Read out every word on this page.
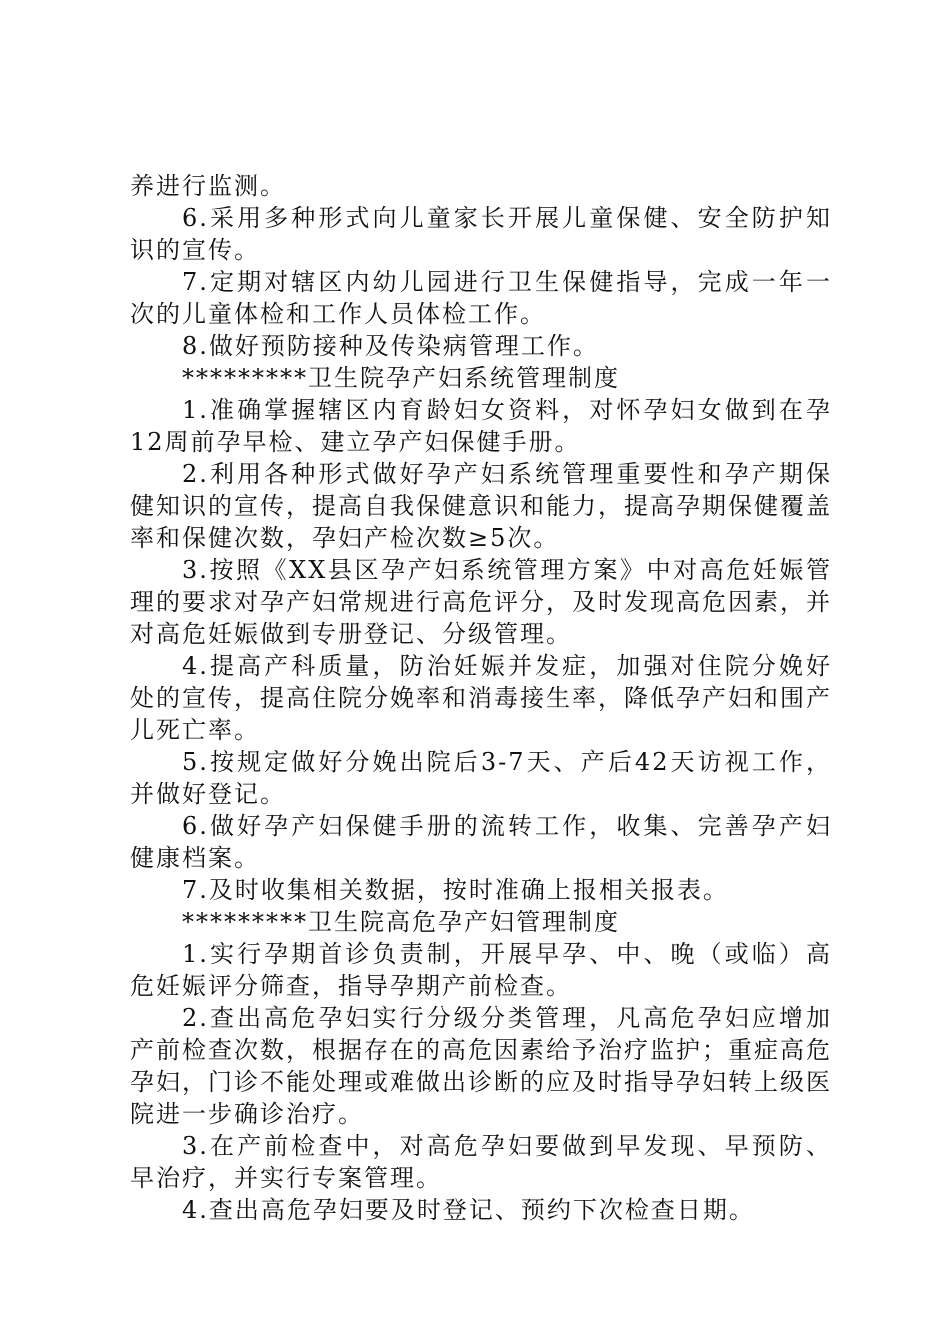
养进行监测。

6.采用多种形式向儿童家长开展儿童保健、安全防护知识的宣传。

7.定期对辖区内幼儿园进行卫生保健指导，完成一年一次的儿童体检和工作人员体检工作。

8.做好预防接种及传染病管理工作。

*********卫生院孕产妇系统管理制度

1.准确掌握辖区内育龄妇女资料，对怀孕妇女做到在孕12周前孕早检、建立孕产妇保健手册。

2.利用各种形式做好孕产妇系统管理重要性和孕产期保健知识的宣传，提高自我保健意识和能力，提高孕期保健覆盖率和保健次数，孕妇产检次数≥5次。

3.按照《XX县区孕产妇系统管理方案》中对高危妊娠管理的要求对孕产妇常规进行高危评分，及时发现高危因素，并对高危妊娠做到专册登记、分级管理。

4.提高产科质量，防治妊娠并发症，加强对住院分娩好处的宣传，提高住院分娩率和消毒接生率，降低孕产妇和围产儿死亡率。

5.按规定做好分娩出院后3-7天、产后42天访视工作，并做好登记。

6.做好孕产妇保健手册的流转工作，收集、完善孕产妇健康档案。

7.及时收集相关数据，按时准确上报相关报表。

*********卫生院高危孕产妇管理制度

1.实行孕期首诊负责制，开展早孕、中、晚（或临）高危妊娠评分筛查，指导孕期产前检查。

2.查出高危孕妇实行分级分类管理，凡高危孕妇应增加产前检查次数，根据存在的高危因素给予治疗监护；重症高危孕妇，门诊不能处理或难做出诊断的应及时指导孕妇转上级医院进一步确诊治疗。

3.在产前检查中，对高危孕妇要做到早发现、早预防、早治疗，并实行专案管理。

4.查出高危孕妇要及时登记、预约下次检查日期。
